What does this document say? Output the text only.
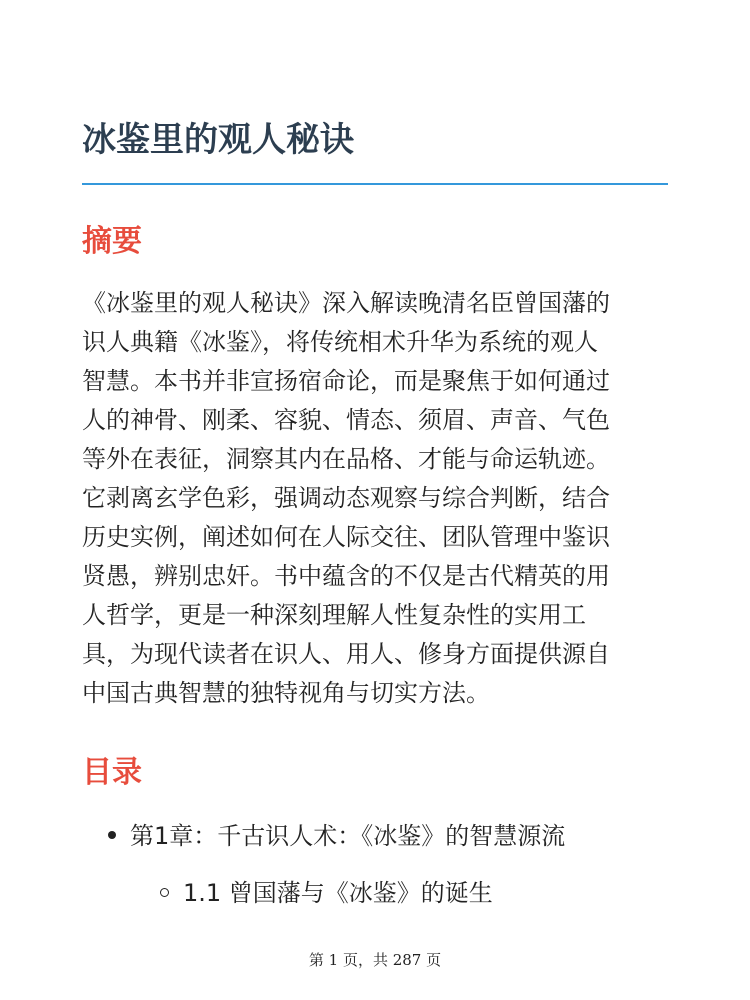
冰鉴里的观人秘诀
摘要

《冰鉴里的观人秘诀》深入解读晚清名臣曾国藩的
识人典籍《冰鉴》，将传统相术升华为系统的观人
智慧。本书并非宣扬宿命论，而是聚焦于如何通过
人的神骨、刚柔、容貌、情态、须眉、声音、气色
等外在表征，洞察其内在品格、才能与命运轨迹。
它剥离玄学色彩，强调动态观察与综合判断，结合
历史实例，阐述如何在人际交往、团队管理中鉴识
贤愚，辨别忠奸。书中蕴含的不仅是古代精英的用
人哲学，更是一种深刻理解人性复杂性的实用工
具，为现代读者在识人、用人、修身方面提供源自
中国古典智慧的独特视角与切实方法。

目录
第1章：千古识人术：《冰鉴》的智慧源流
1.1 曾国藩与《冰鉴》的诞生
第 1 页，共 287 页
